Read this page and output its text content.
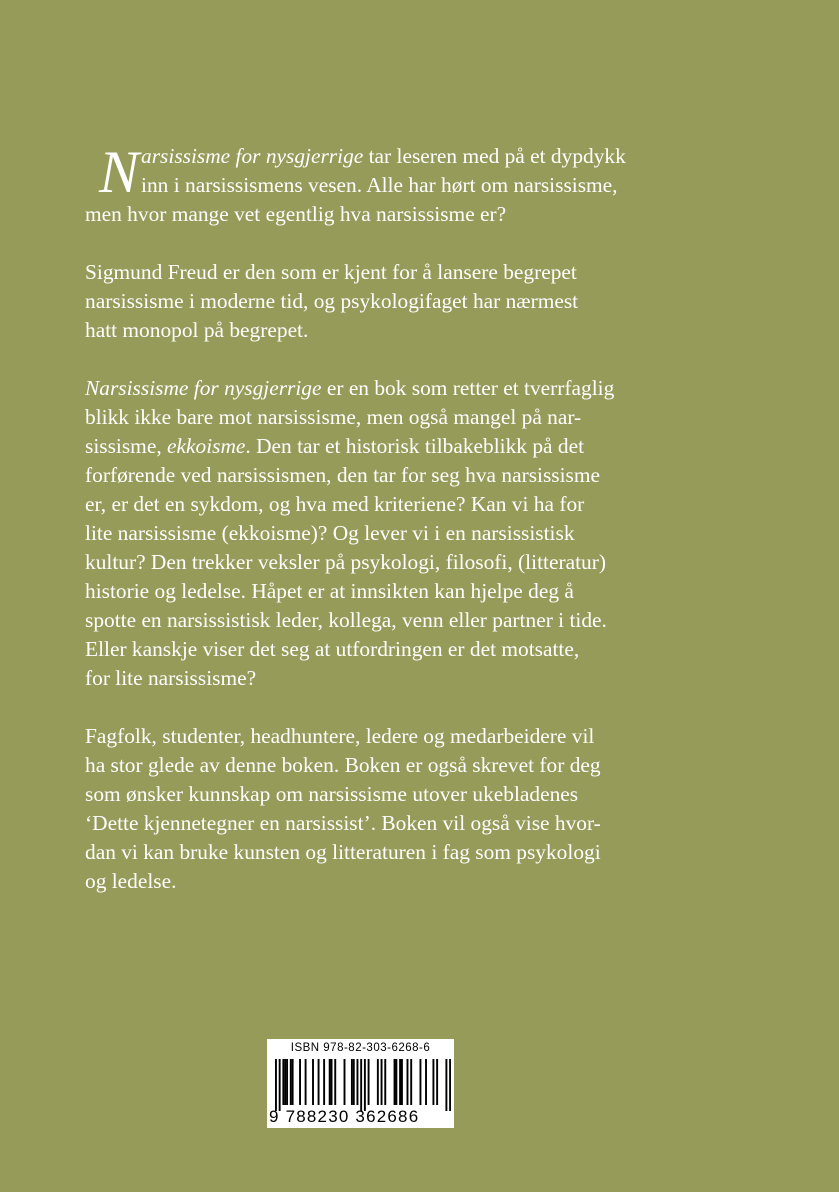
N arsissisme for nysgjerrige tar leseren med på et dypdykk
inn i narsissismens vesen. Alle har hørt om narsissisme,
men hvor mange vet egentlig hva narsissisme er?
Sigmund Freud er den som er kjent for å lansere begrepet
narsissisme i moderne tid, og psykologifaget har nærmest
hatt monopol på begrepet.
Narsissisme for nysgjerrige er en bok som retter et tverrfaglig
blikk ikke bare mot narsissisme, men også mangel på nar-
sissisme, ekkoisme. Den tar et historisk tilbakeblikk på det
forførende ved narsissismen, den tar for seg hva narsissisme
er, er det en sykdom, og hva med kriteriene? Kan vi ha for
lite narsissisme (ekkoisme)? Og lever vi i en narsissistisk
kultur? Den trekker veksler på psykologi, filosofi, (litteratur)
historie og ledelse. Håpet er at innsikten kan hjelpe deg å
spotte en narsissistisk leder, kollega, venn eller partner i tide.
Eller kanskje viser det seg at utfordringen er det motsatte,
for lite narsissisme?
Fagfolk, studenter, headhuntere, ledere og medarbeidere vil
ha stor glede av denne boken. Boken er også skrevet for deg
som ønsker kunnskap om narsissisme utover ukebladenes
‘Dette kjennetegner en narsissist’. Boken vil også vise hvor-
dan vi kan bruke kunsten og litteraturen i fag som psykologi
og ledelse.
ISBN 978-82-303-6268-6
9 788230 362686
